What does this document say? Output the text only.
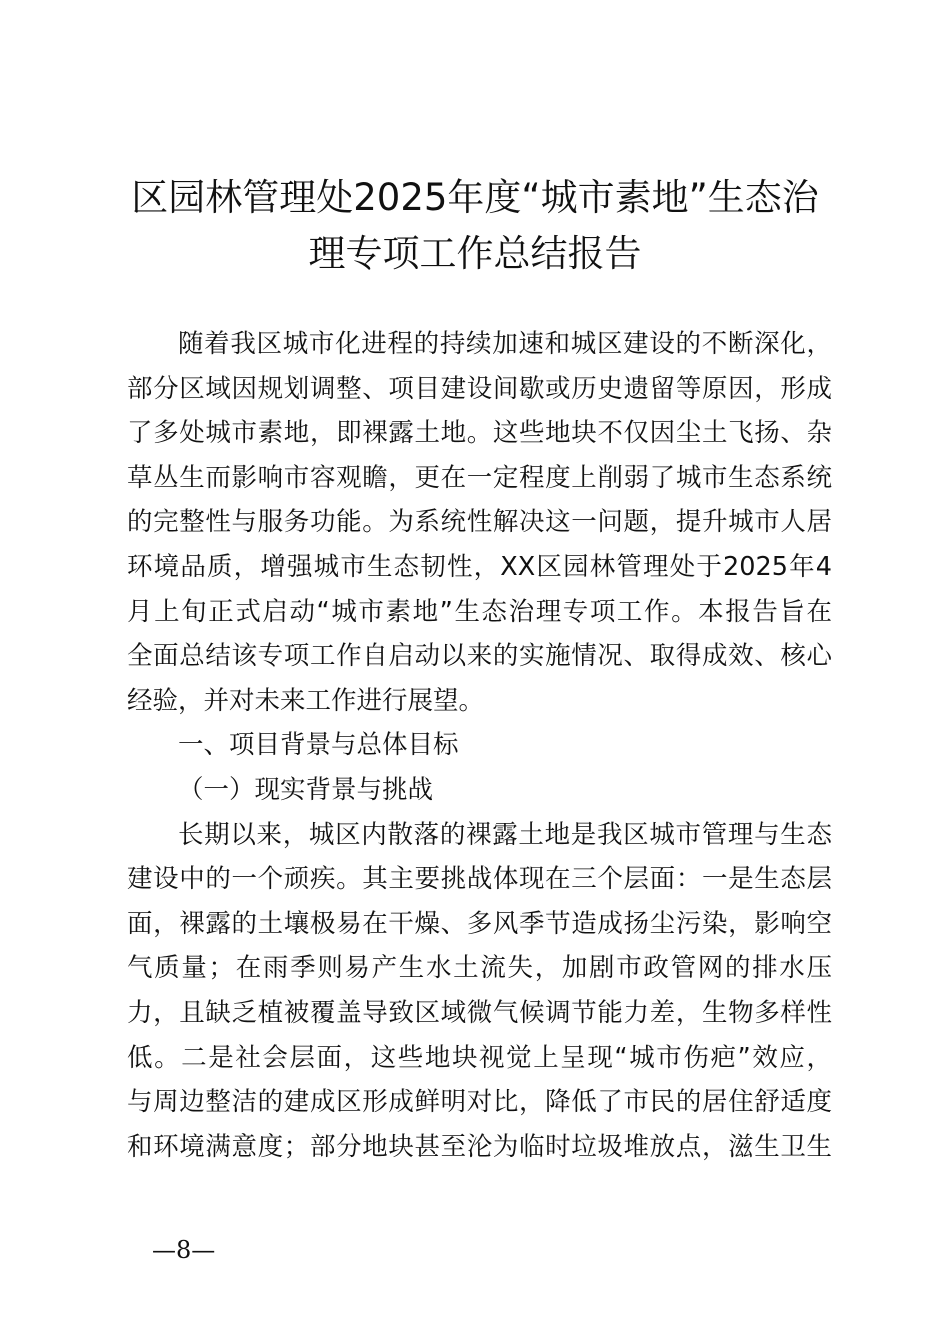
区园林管理处2025年度“城市素地”生态治
理专项工作总结报告
随着我区城市化进程的持续加速和城区建设的不断深化，
部分区域因规划调整、项目建设间歇或历史遗留等原因，形成
了多处城市素地，即裸露土地。这些地块不仅因尘土飞扬、杂
草丛生而影响市容观瞻，更在一定程度上削弱了城市生态系统
的完整性与服务功能。为系统性解决这一问题，提升城市人居
环境品质，增强城市生态韧性，XX区园林管理处于2025年4
月上旬正式启动“城市素地”生态治理专项工作。本报告旨在
全面总结该专项工作自启动以来的实施情况、取得成效、核心
经验，并对未来工作进行展望。
一、项目背景与总体目标
（一）现实背景与挑战
长期以来，城区内散落的裸露土地是我区城市管理与生态
建设中的一个顽疾。其主要挑战体现在三个层面：一是生态层
面，裸露的土壤极易在干燥、多风季节造成扬尘污染，影响空
气质量；在雨季则易产生水土流失，加剧市政管网的排水压
力，且缺乏植被覆盖导致区域微气候调节能力差，生物多样性
低。二是社会层面，这些地块视觉上呈现“城市伤疤”效应，
与周边整洁的建成区形成鲜明对比，降低了市民的居住舒适度
和环境满意度；部分地块甚至沦为临时垃圾堆放点，滋生卫生
—8—
